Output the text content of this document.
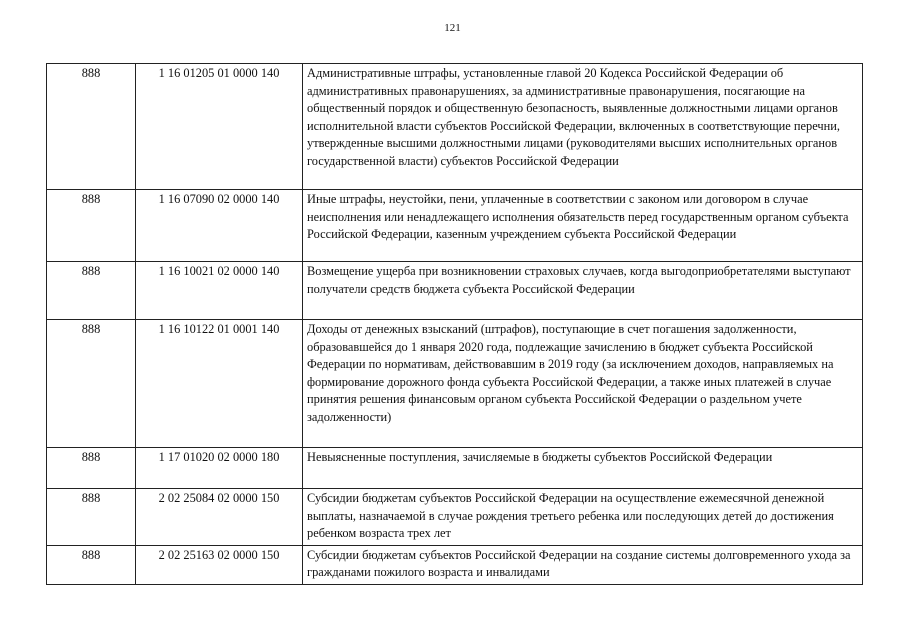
121
888	1 16 01205 01 0000 140	Административные штрафы, установленные главой 20 Кодекса Российской Федерации об административных правонарушениях, за административные правонарушения, посягающие на общественный порядок и общественную безопасность, выявленные должностными лицами органов исполнительной власти субъектов Российской Федерации, включенных в соответствующие перечни, утвержденные высшими должностными лицами (руководителями высших исполнительных органов государственной власти) субъектов Российской Федерации
888	1 16 07090 02 0000 140	Иные штрафы, неустойки, пени, уплаченные в соответствии с законом или договором в случае неисполнения или ненадлежащего исполнения обязательств перед государственным органом субъекта Российской Федерации, казенным учреждением субъекта Российской Федерации
888	1 16 10021 02 0000 140	Возмещение ущерба при возникновении страховых случаев, когда выгодоприобретателями выступают получатели средств бюджета субъекта Российской Федерации
888	1 16 10122 01 0001 140	Доходы от денежных взысканий (штрафов), поступающие в счет погашения задолженности, образовавшейся до 1 января 2020 года, подлежащие зачислению в бюджет субъекта Российской Федерации по нормативам, действовавшим в 2019 году (за исключением доходов, направляемых на формирование дорожного фонда субъекта Российской Федерации, а также иных платежей в случае принятия решения финансовым органом субъекта Российской Федерации о раздельном учете задолженности)
888	1 17 01020 02 0000 180	Невыясненные поступления, зачисляемые в бюджеты субъектов Российской Федерации
888	2 02 25084 02 0000 150	Субсидии бюджетам субъектов Российской Федерации на осуществление ежемесячной денежной выплаты, назначаемой в случае рождения третьего ребенка или последующих детей до достижения ребенком возраста трех лет
888	2 02 25163 02 0000 150	Субсидии бюджетам субъектов Российской Федерации на создание системы долговременного ухода за гражданами пожилого возраста и инвалидами
